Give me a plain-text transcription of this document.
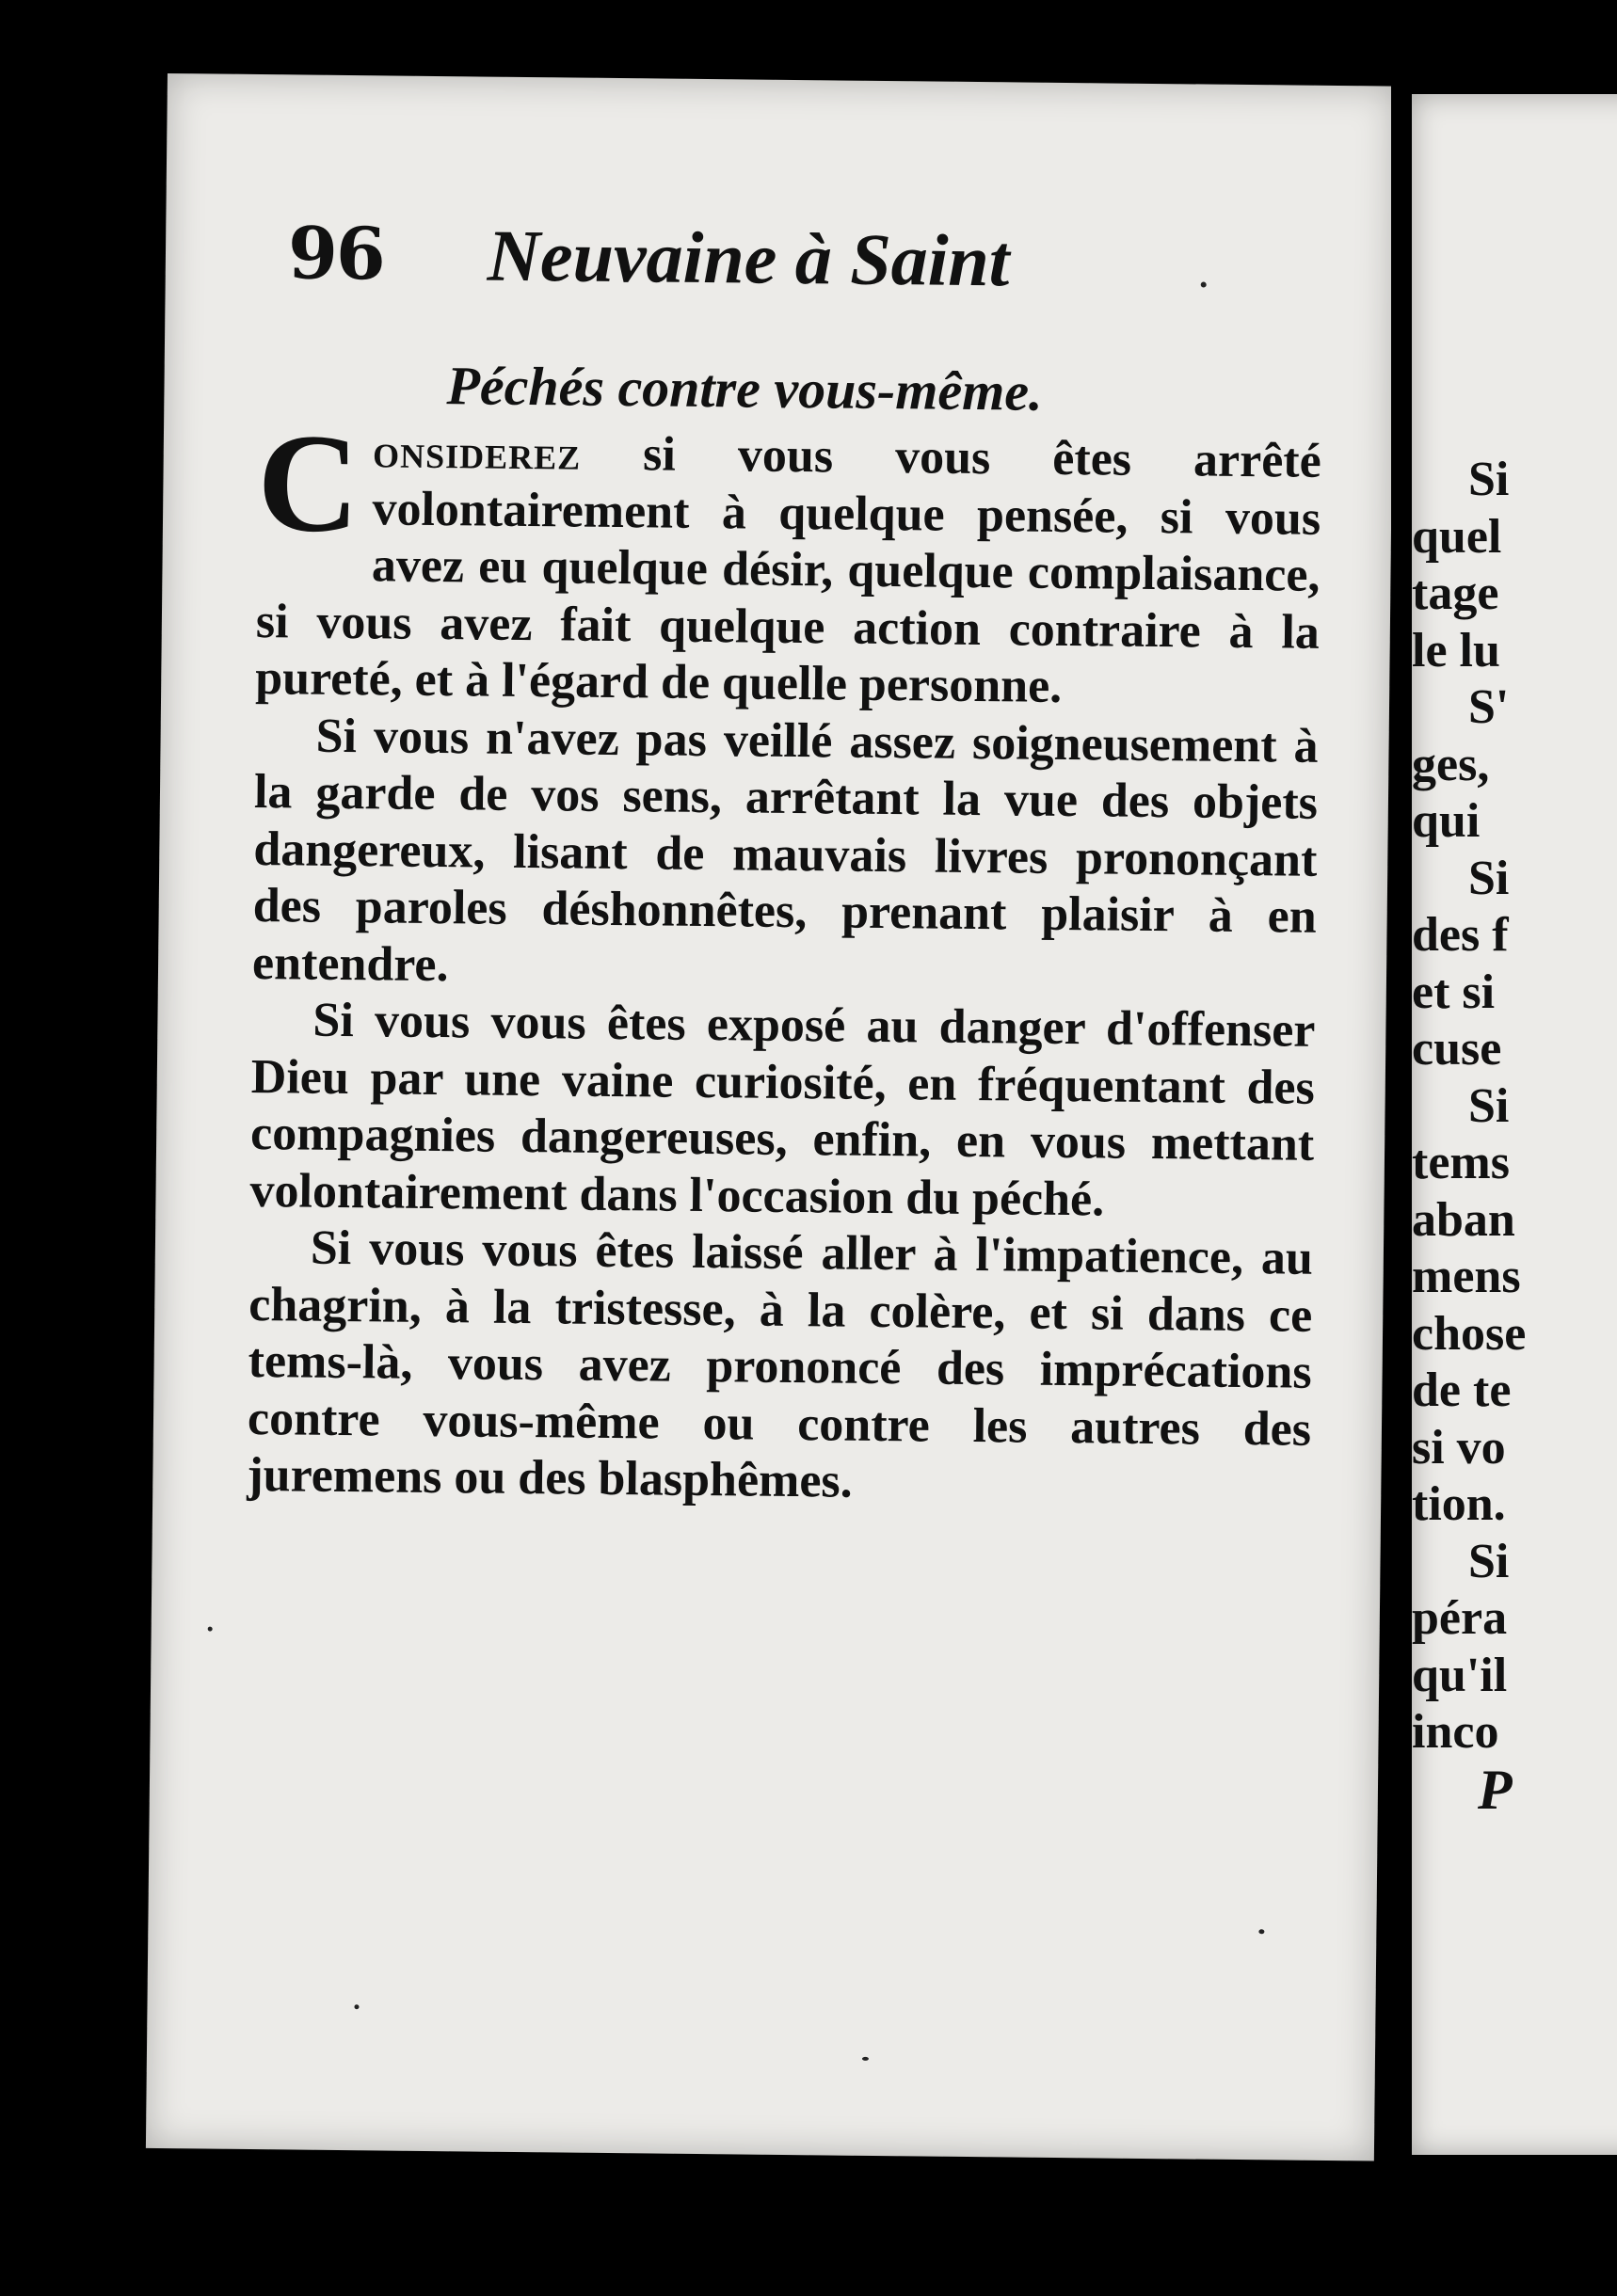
96 Neuvaine à Saint
Péchés contre vous-même.

Considerez si vous vous êtes arrêté volontairement à quelque pensée, si vous avez eu quelque désir, quelque complaisance, si vous avez fait quelque action contraire à la pureté, et à l'égard de quelle personne.

Si vous n'avez pas veillé assez soigneusement à la garde de vos sens, arrêtant la vue des objets dangereux, lisant de mauvais livres prononçant des paroles déshonnêtes, prenant plaisir à en entendre.

Si vous vous êtes exposé au danger d'offenser Dieu par une vaine curiosité, en fréquentant des compagnies dangereuses, enfin, en vous mettant volontairement dans l'occasion du péché.

Si vous vous êtes laissé aller à l'impatience, au chagrin, à la tristesse, à la colère, et si dans ce tems-là, vous avez prononcé des imprécations contre vous-même ou contre les autres des juremens ou des blasphêmes.

Si
quel
tage
le lu
S'
ges,
qui
Si
des f
et si
cuse
Si
tems
aban
mens
chose
de te
si vo
tion.
Si
péra
qu'il
inco
P
